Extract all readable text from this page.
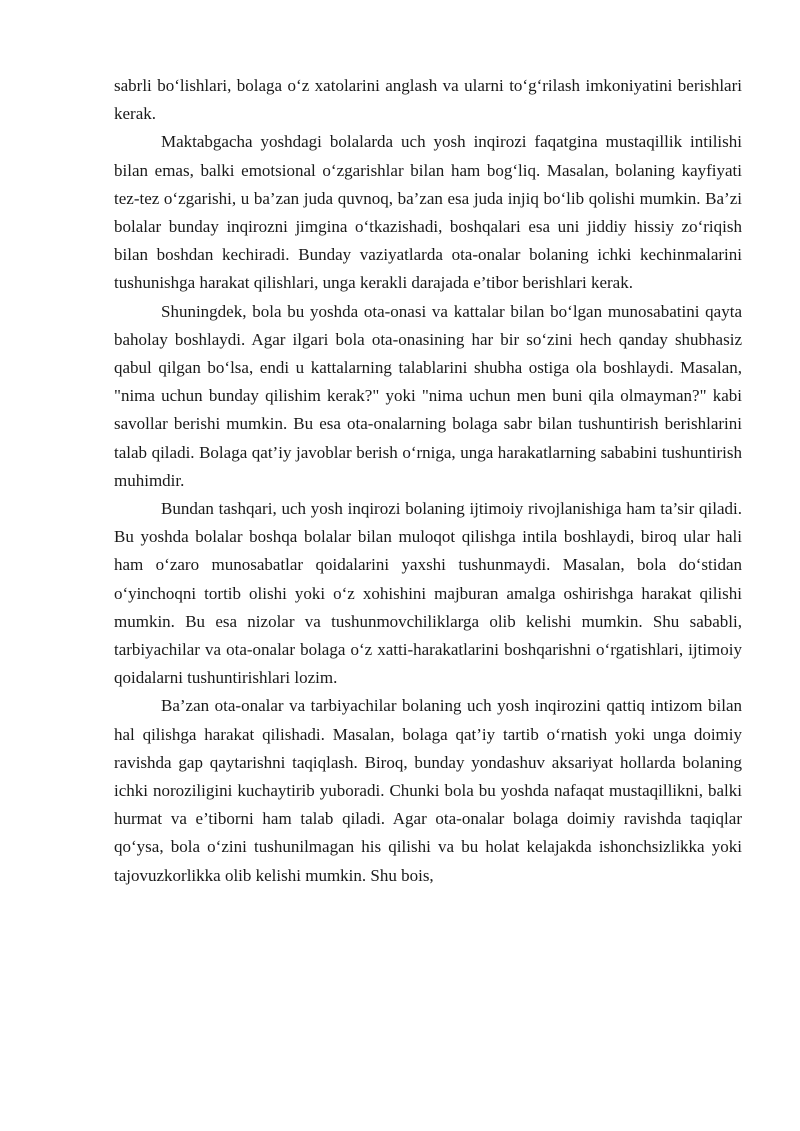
sabrli bo‘lishlari, bolaga o‘z xatolarini anglash va ularni to‘g‘rilash imkoniyatini berishlari kerak.

Maktabgacha yoshdagi bolalarda uch yosh inqirozi faqatgina mustaqillik intilishi bilan emas, balki emotsional o‘zgarishlar bilan ham bog‘liq. Masalan, bolaning kayfiyati tez-tez o‘zgarishi, u ba’zan juda quvnoq, ba’zan esa juda injiq bo‘lib qolishi mumkin. Ba’zi bolalar bunday inqirozni jimgina o‘tkazishadi, boshqalari esa uni jiddiy hissiy zo‘riqish bilan boshdan kechiradi. Bunday vaziyatlarda ota-onalar bolaning ichki kechinmalarini tushunishga harakat qilishlari, unga kerakli darajada e’tibor berishlari kerak.

Shuningdek, bola bu yoshda ota-onasi va kattalar bilan bo‘lgan munosabatini qayta baholay boshlaydi. Agar ilgari bola ota-onasining har bir so‘zini hech qanday shubhasiz qabul qilgan bo‘lsa, endi u kattalarning talablarini shubha ostiga ola boshlaydi. Masalan, "nima uchun bunday qilishim kerak?" yoki "nima uchun men buni qila olmayman?" kabi savollar berishi mumkin. Bu esa ota-onalarning bolaga sabr bilan tushuntirish berishlarini talab qiladi. Bolaga qat’iy javoblar berish o‘rniga, unga harakatlarning sababini tushuntirish muhimdir.

Bundan tashqari, uch yosh inqirozi bolaning ijtimoiy rivojlanishiga ham ta’sir qiladi. Bu yoshda bolalar boshqa bolalar bilan muloqot qilishga intila boshlaydi, biroq ular hali ham o‘zaro munosabatlar qoidalarini yaxshi tushunmaydi. Masalan, bola do‘stidan o‘yinchoqni tortib olishi yoki o‘z xohishini majburan amalga oshirishga harakat qilishi mumkin. Bu esa nizolar va tushunmovchiliklarga olib kelishi mumkin. Shu sababli, tarbiyachilar va ota-onalar bolaga o‘z xatti-harakatlarini boshqarishni o‘rgatishlari, ijtimoiy qoidalarni tushuntirishlari lozim.

Ba’zan ota-onalar va tarbiyachilar bolaning uch yosh inqirozini qattiq intizom bilan hal qilishga harakat qilishadi. Masalan, bolaga qat’iy tartib o‘rnatish yoki unga doimiy ravishda gap qaytarishni taqiqlash. Biroq, bunday yondashuv aksariyat hollarda bolaning ichki noroziligini kuchaytirib yuboradi. Chunki bola bu yoshda nafaqat mustaqillikni, balki hurmat va e’tiborni ham talab qiladi. Agar ota-onalar bolaga doimiy ravishda taqiqlar qo‘ysa, bola o‘zini tushunilmagan his qilishi va bu holat kelajakda ishonchsizlikka yoki tajovuzkorlikka olib kelishi mumkin. Shu bois,
